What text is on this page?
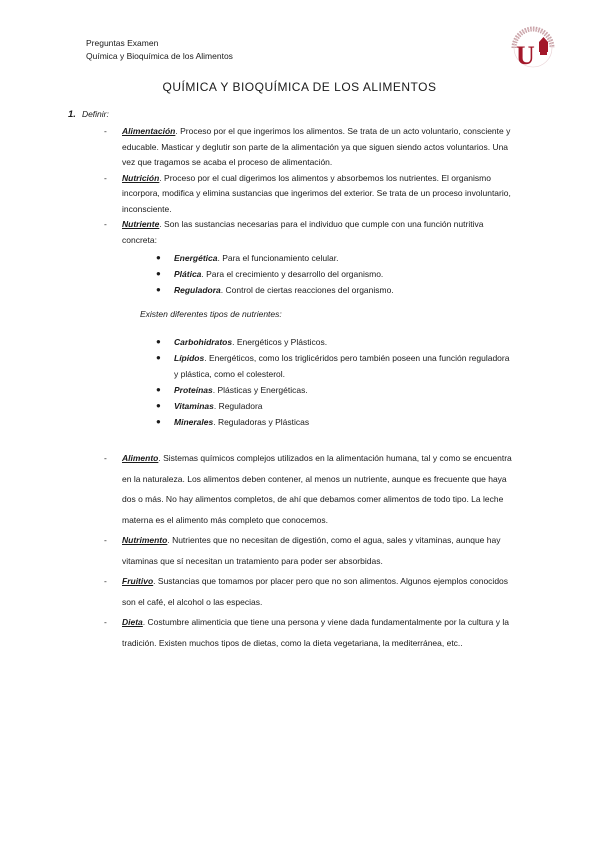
Preguntas Examen
Química y Bioquímica de los Alimentos	U
QUÍMICA Y BIOQUÍMICA DE LOS ALIMENTOS
1. Definir:
- Alimentación. Proceso por el que ingerimos los alimentos. Se trata de un acto voluntario, consciente y educable. Masticar y deglutir son parte de la alimentación ya que siguen siendo actos voluntarios. Una vez que tragamos se acaba el proceso de alimentación.
- Nutrición. Proceso por el cual digerimos los alimentos y absorbemos los nutrientes. El organismo incorpora, modifica y elimina sustancias que ingerimos del exterior. Se trata de un proceso involuntario, inconsciente.
- Nutriente. Son las sustancias necesarias para el individuo que cumple con una función nutritiva concreta:
● Energética. Para el funcionamiento celular.
● Plática. Para el crecimiento y desarrollo del organismo.
● Reguladora. Control de ciertas reacciones del organismo.
Existen diferentes tipos de nutrientes:
● Carbohidratos. Energéticos y Plásticos.
● Lípidos. Energéticos, como los triglicéridos pero también poseen una función reguladora y plástica, como el colesterol.
● Proteínas. Plásticas y Energéticas.
● Vitaminas. Reguladora
● Minerales. Reguladoras y Plásticas
- Alimento. Sistemas químicos complejos utilizados en la alimentación humana, tal y como se encuentra en la naturaleza. Los alimentos deben contener, al menos un nutriente, aunque es frecuente que haya dos o más. No hay alimentos completos, de ahí que debamos comer alimentos de todo tipo. La leche materna es el alimento más completo que conocemos.
- Nutrimento. Nutrientes que no necesitan de digestión, como el agua, sales y vitaminas, aunque hay vitaminas que sí necesitan un tratamiento para poder ser absorbidas.
- Fruitivo. Sustancias que tomamos por placer pero que no son alimentos. Algunos ejemplos conocidos son el café, el alcohol o las especias.
- Dieta. Costumbre alimenticia que tiene una persona y viene dada fundamentalmente por la cultura y la tradición. Existen muchos tipos de dietas, como la dieta vegetariana, la mediterránea, etc..
